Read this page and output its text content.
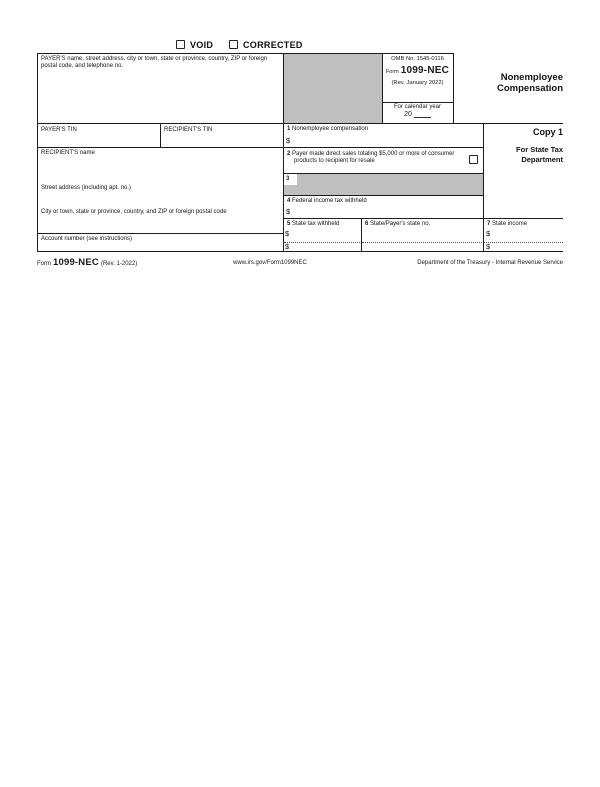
3
VOID	CORRECTED
PAYER'S name, street address, city or town, state or province, country, ZIP or foreign postal code, and telephone no.
PAYER'S TIN	RECIPIENT'S TIN
RECIPIENT'S name
Street address (including apt. no.)
City or town, state or province, country, and ZIP or foreign postal code
Account number (see instructions)
OMB No. 1545-0116
Form 1099-NEC
(Rev. January 2022)
For calendar year
20
Nonemployee
Compensation
Copy 1
For State Tax
Department
1 Nonemployee compensation
$
2 Payer made direct sales totaling $5,000 or more of consumer products to recipient for resale
4 Federal income tax withheld
$
5 State tax withheld
$
$
6 State/Payer's state no.	7 State income
$
$
Form 1099-NEC (Rev. 1-2022)	www.irs.gov/Form1099NEC	Department of the Treasury - Internal Revenue Service
